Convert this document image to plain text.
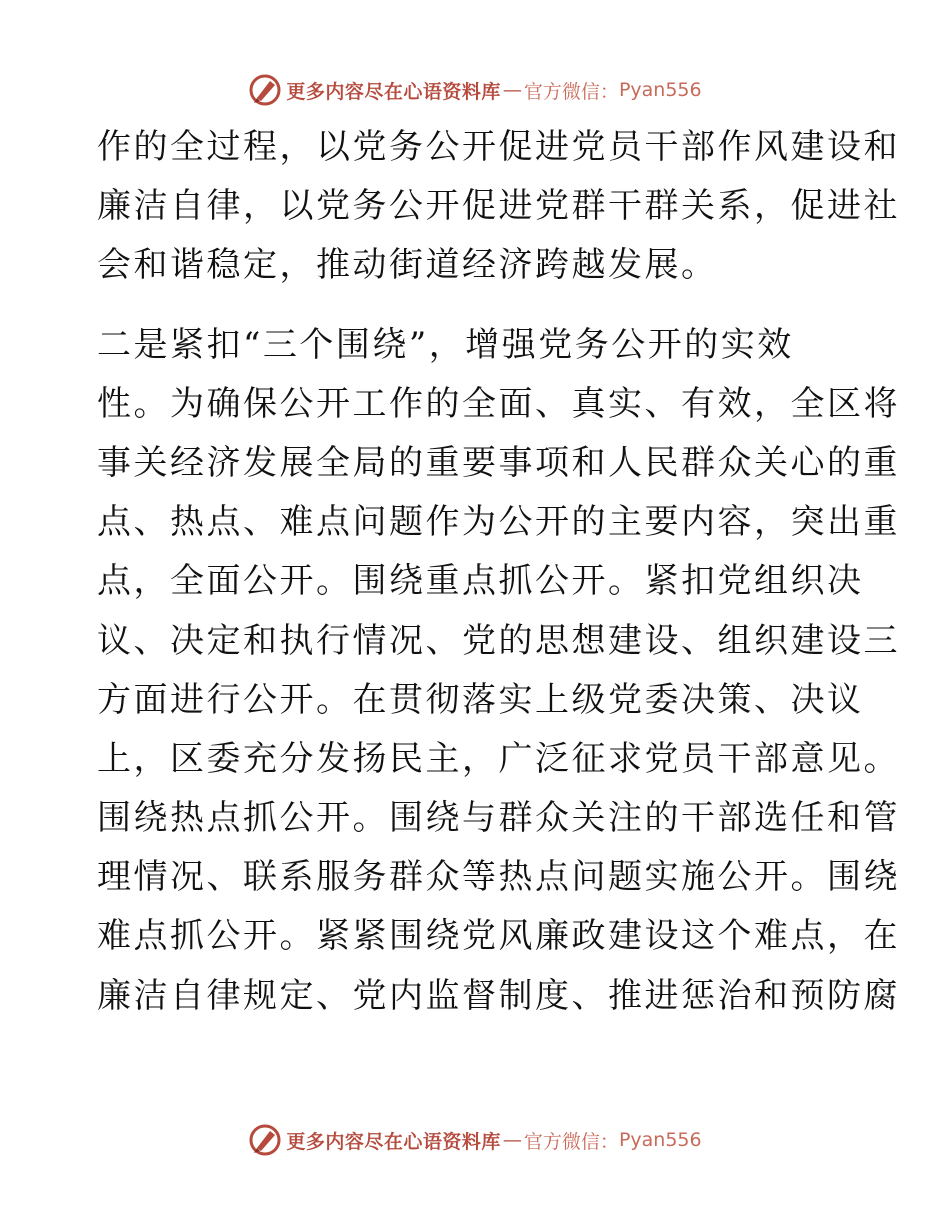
更多内容尽在心语资料库 — 官方微信： Pyan556
作的全过程，以党务公开促进党员干部作风建设和
廉洁自律，以党务公开促进党群干群关系，促进社
会和谐稳定，推动街道经济跨越发展。
二是紧扣“三个围绕”，增强党务公开的实效
性。为确保公开工作的全面、真实、有效，全区将
事关经济发展全局的重要事项和人民群众关心的重
点、热点、难点问题作为公开的主要内容，突出重
点，全面公开。围绕重点抓公开。紧扣党组织决
议、决定和执行情况、党的思想建设、组织建设三
方面进行公开。在贯彻落实上级党委决策、决议
上，区委充分发扬民主，广泛征求党员干部意见。
围绕热点抓公开。围绕与群众关注的干部选任和管
理情况、联系服务群众等热点问题实施公开。围绕
难点抓公开。紧紧围绕党风廉政建设这个难点，在
廉洁自律规定、党内监督制度、推进惩治和预防腐
更多内容尽在心语资料库 — 官方微信： Pyan556
